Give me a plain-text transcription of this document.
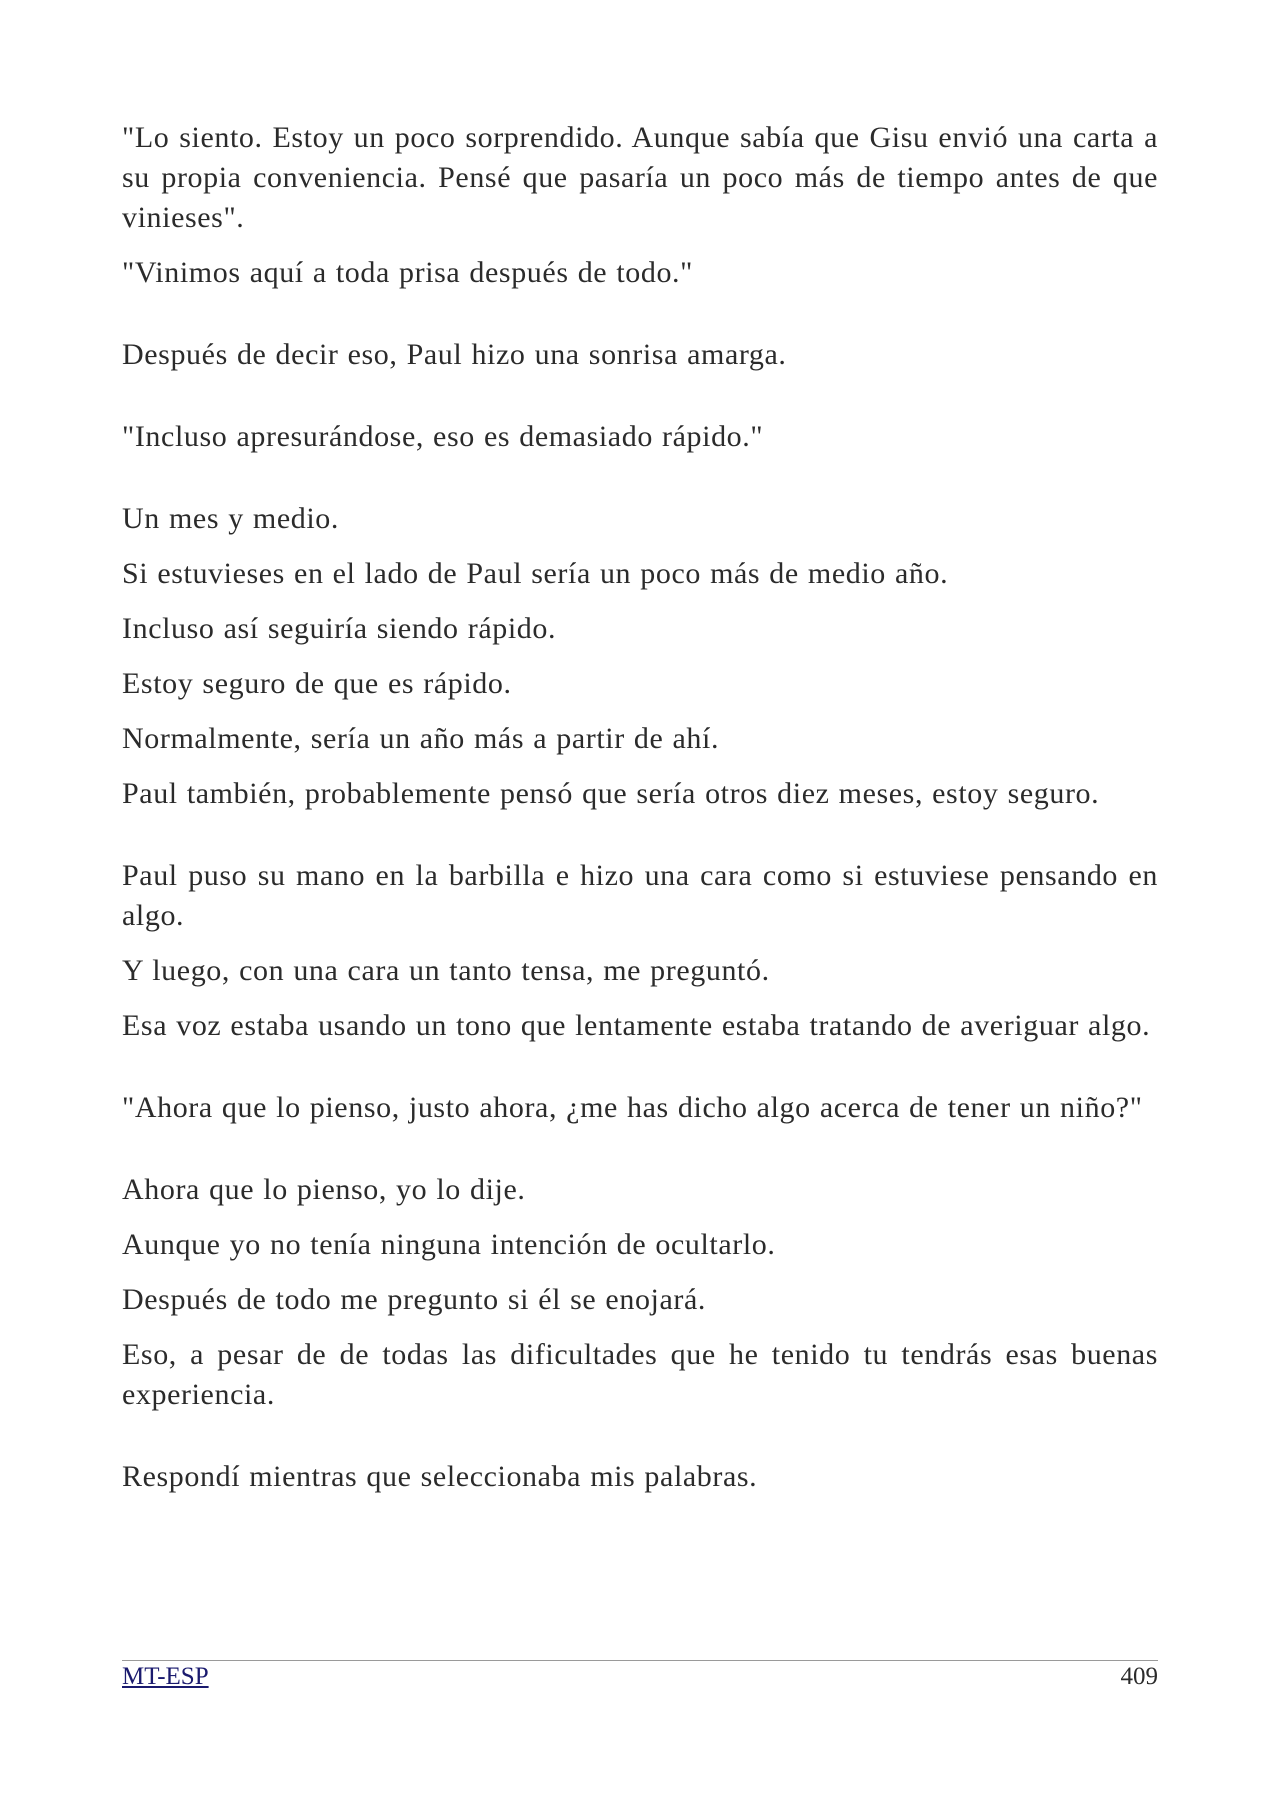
"Lo siento. Estoy un poco sorprendido. Aunque sabía que Gisu envió una carta a su propia conveniencia. Pensé que pasaría un poco más de tiempo antes de que vinieses".

"Vinimos aquí a toda prisa después de todo."

Después de decir eso, Paul hizo una sonrisa amarga.

"Incluso apresurándose, eso es demasiado rápido."

Un mes y medio.

Si estuvieses en el lado de Paul sería un poco más de medio año.

Incluso así seguiría siendo rápido.

Estoy seguro de que es rápido.

Normalmente, sería un año más a partir de ahí.

Paul también, probablemente pensó que sería otros diez meses, estoy seguro.

Paul puso su mano en la barbilla e hizo una cara como si estuviese pensando en algo.

Y luego, con una cara un tanto tensa, me preguntó.

Esa voz estaba usando un tono que lentamente estaba tratando de averiguar algo.

"Ahora que lo pienso, justo ahora, ¿me has dicho algo acerca de tener un niño?"

Ahora que lo pienso, yo lo dije.

Aunque yo no tenía ninguna intención de ocultarlo.

Después de todo me pregunto si él se enojará.

Eso, a pesar de de todas las dificultades que he tenido tu tendrás esas buenas experiencia.

Respondí mientras que seleccionaba mis palabras.

MT-ESP	409
